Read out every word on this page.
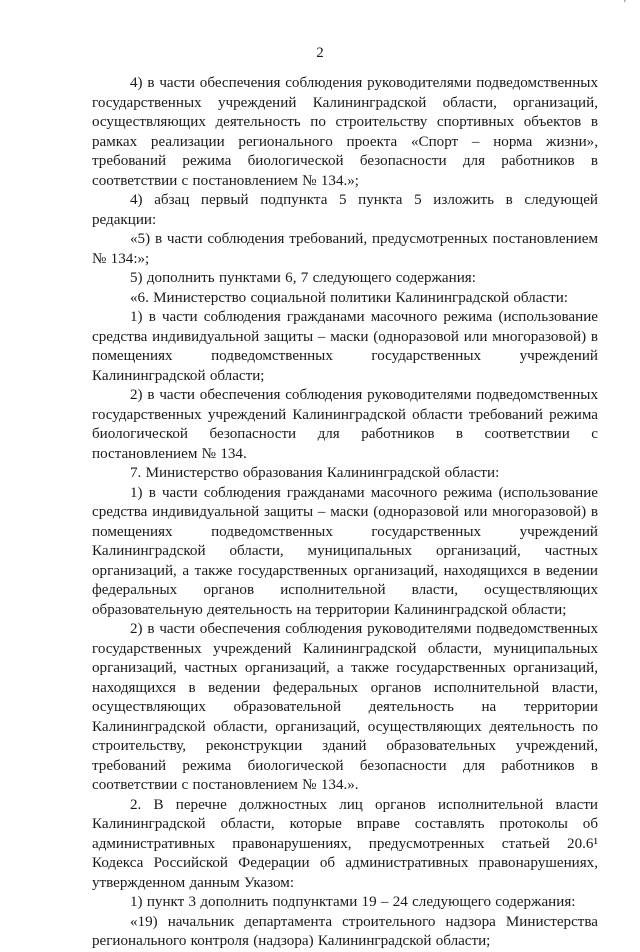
'
2

4) в части обеспечения соблюдения руководителями подведомственных государственных учреждений Калининградской области, организаций, осуществляющих деятельность по строительству спортивных объектов в рамках реализации регионального проекта «Спорт – норма жизни», требований режима биологической безопасности для работников в соответствии с постановлением № 134.»;

4) абзац первый подпункта 5 пункта 5 изложить в следующей редакции:

«5) в части соблюдения требований, предусмотренных постановлением № 134:»;

5) дополнить пунктами 6, 7 следующего содержания:

«6. Министерство социальной политики Калининградской области:

1) в части соблюдения гражданами масочного режима (использование средства индивидуальной защиты – маски (одноразовой или многоразовой) в помещениях подведомственных государственных учреждений Калининградской области;

2) в части обеспечения соблюдения руководителями подведомственных государственных учреждений Калининградской области требований режима биологической безопасности для работников в соответствии с постановлением № 134.

7. Министерство образования Калининградской области:

1) в части соблюдения гражданами масочного режима (использование средства индивидуальной защиты – маски (одноразовой или многоразовой) в помещениях подведомственных государственных учреждений Калининградской области, муниципальных организаций, частных организаций, а также государственных организаций, находящихся в ведении федеральных органов исполнительной власти, осуществляющих образовательную деятельность на территории Калининградской области;

2) в части обеспечения соблюдения руководителями подведомственных государственных учреждений Калининградской области, муниципальных организаций, частных организаций, а также государственных организаций, находящихся в ведении федеральных органов исполнительной власти, осуществляющих образовательной деятельность на территории Калининградской области, организаций, осуществляющих деятельность по строительству, реконструкции зданий образовательных учреждений, требований режима биологической безопасности для работников в соответствии с постановлением № 134.».

2. В перечне должностных лиц органов исполнительной власти Калининградской области, которые вправе составлять протоколы об административных правонарушениях, предусмотренных статьей 20.6¹ Кодекса Российской Федерации об административных правонарушениях, утвержденном данным Указом:

1) пункт 3 дополнить подпунктами 19 – 24 следующего содержания:

«19) начальник департамента строительного надзора Министерства регионального контроля (надзора) Калининградской области;
